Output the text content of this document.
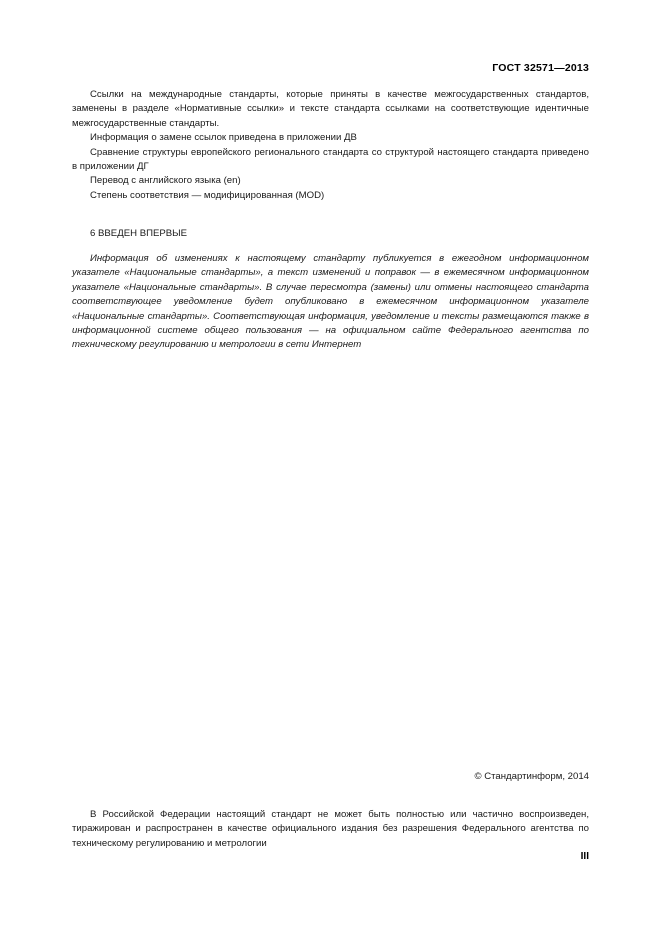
ГОСТ 32571—2013

Ссылки на международные стандарты, которые приняты в качестве межгосударственных стандартов, заменены в разделе «Нормативные ссылки» и тексте стандарта ссылками на соответствующие идентичные межгосударственные стандарты.

Информация о замене ссылок приведена в приложении ДВ

Сравнение структуры европейского регионального стандарта со структурой настоящего стандарта приведено в приложении ДГ

Перевод с английского языка (en)

Степень соответствия — модифицированная (MOD)

6 ВВЕДЕН ВПЕРВЫЕ

Информация об изменениях к настоящему стандарту публикуется в ежегодном информационном указателе «Национальные стандарты», а текст изменений и поправок — в ежемесячном информационном указателе «Национальные стандарты». В случае пересмотра (замены) или отмены настоящего стандарта соответствующее уведомление будет опубликовано в ежемесячном информационном указателе «Национальные стандарты». Соответствующая информация, уведомление и тексты размещаются также в информационной системе общего пользования — на официальном сайте Федерального агентства по техническому регулированию и метрологии в сети Интернет

© Стандартинформ, 2014

В Российской Федерации настоящий стандарт не может быть полностью или частично воспроизведен, тиражирован и распространен в качестве официального издания без разрешения Федерального агентства по техническому регулированию и метрологии

III
